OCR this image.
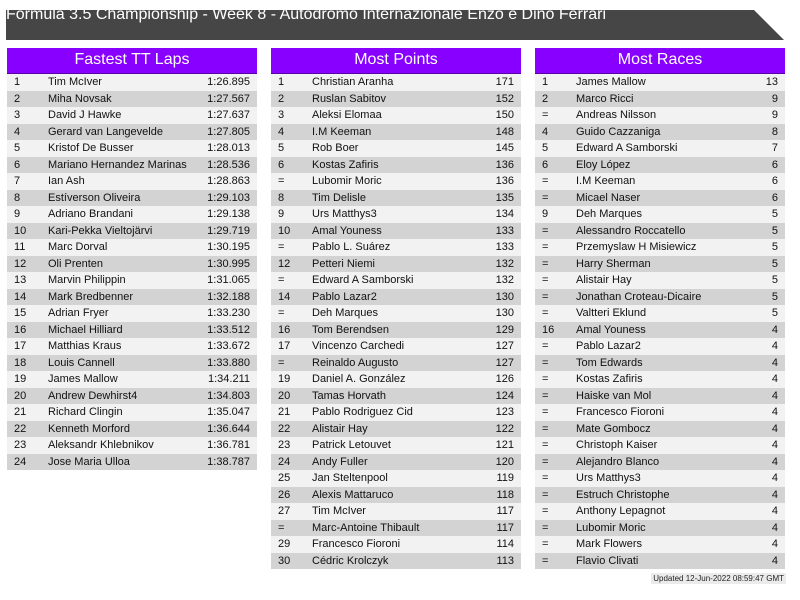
Formula 3.5 Championship - Week 8 - Autodromo Internazionale Enzo e Dino Ferrari
Fastest TT Laps
1	Tim McIver	1:26.895
2	Miha Novsak	1:27.567
3	David J Hawke	1:27.637
4	Gerard van Langevelde	1:27.805
5	Kristof De Busser	1:28.013
6	Mariano Hernandez Marinas 1:28.536
7	Ian Ash	1:28.863
8	Estíverson Oliveira	1:29.103
9	Adriano Brandani	1:29.138
10 Kari-Pekka Vieltojärvi	1:29.719
11 Marc Dorval	1:30.195
12 Oli Prenten	1:30.995
13 Marvin Philippin	1:31.065
14 Mark Bredbenner	1:32.188
15 Adrian Fryer	1:33.230
16 Michael Hilliard	1:33.512
17 Matthias Kraus	1:33.672
18 Louis Cannell	1:33.880
19 James Mallow	1:34.211
20 Andrew Dewhirst4	1:34.803
21 Richard Clingin	1:35.047
22 Kenneth Morford	1:36.644
23 Aleksandr Khlebnikov	1:36.781
24 Jose Maria Ulloa	1:38.787
Most Points
1	Christian Aranha	171
2	Ruslan Sabitov	152
3	Aleksi Elomaa	150
4	I.M Keeman	148
5	Rob Boer	145
6	Kostas Zafiris	136
=	Lubomir Moric	136
8	Tim Delisle	135
9	Urs Matthys3	134
10 Amal Youness	133
=	Pablo L. Suárez	133
12 Petteri Niemi	132
=	Edward A Samborski	132
14 Pablo Lazar2	130
=	Deh Marques	130
16 Tom Berendsen	129
17 Vincenzo Carchedi	127
=	Reinaldo Augusto	127
19 Daniel A. González	126
20 Tamas Horvath	124
21 Pablo Rodriguez Cid	123
22 Alistair Hay	122
23 Patrick Letouvet	121
24 Andy Fuller	120
25 Jan Steltenpool	119
26 Alexis Mattaruco	118
27 Tim McIver	117
=	Marc-Antoine Thibault	117
29 Francesco Fioroni	114
30 Cédric Krolczyk	113
Most Races
1	James Mallow	13
2	Marco Ricci	9
=	Andreas Nilsson	9
4	Guido Cazzaniga	8
5	Edward A Samborski	7
6	Eloy López	6
=	I.M Keeman	6
=	Micael Naser	6
9	Deh Marques	5
=	Alessandro Roccatello	5
=	Przemyslaw H Misiewicz	5
=	Harry Sherman	5
=	Alistair Hay	5
=	Jonathan Croteau-Dicaire	5
=	Valtteri Eklund	5
16 Amal Youness	4
=	Pablo Lazar2	4
=	Tom Edwards	4
=	Kostas Zafiris	4
=	Haiske van Mol	4
=	Francesco Fioroni	4
=	Mate Gombocz	4
=	Christoph Kaiser	4
=	Alejandro Blanco	4
=	Urs Matthys3	4
=	Estruch Christophe	4
=	Anthony Lepagnot	4
=	Lubomir Moric	4
=	Mark Flowers	4
=	Flavio Clivati	4
Updated 12-Jun-2022 08:59:47 GMT
